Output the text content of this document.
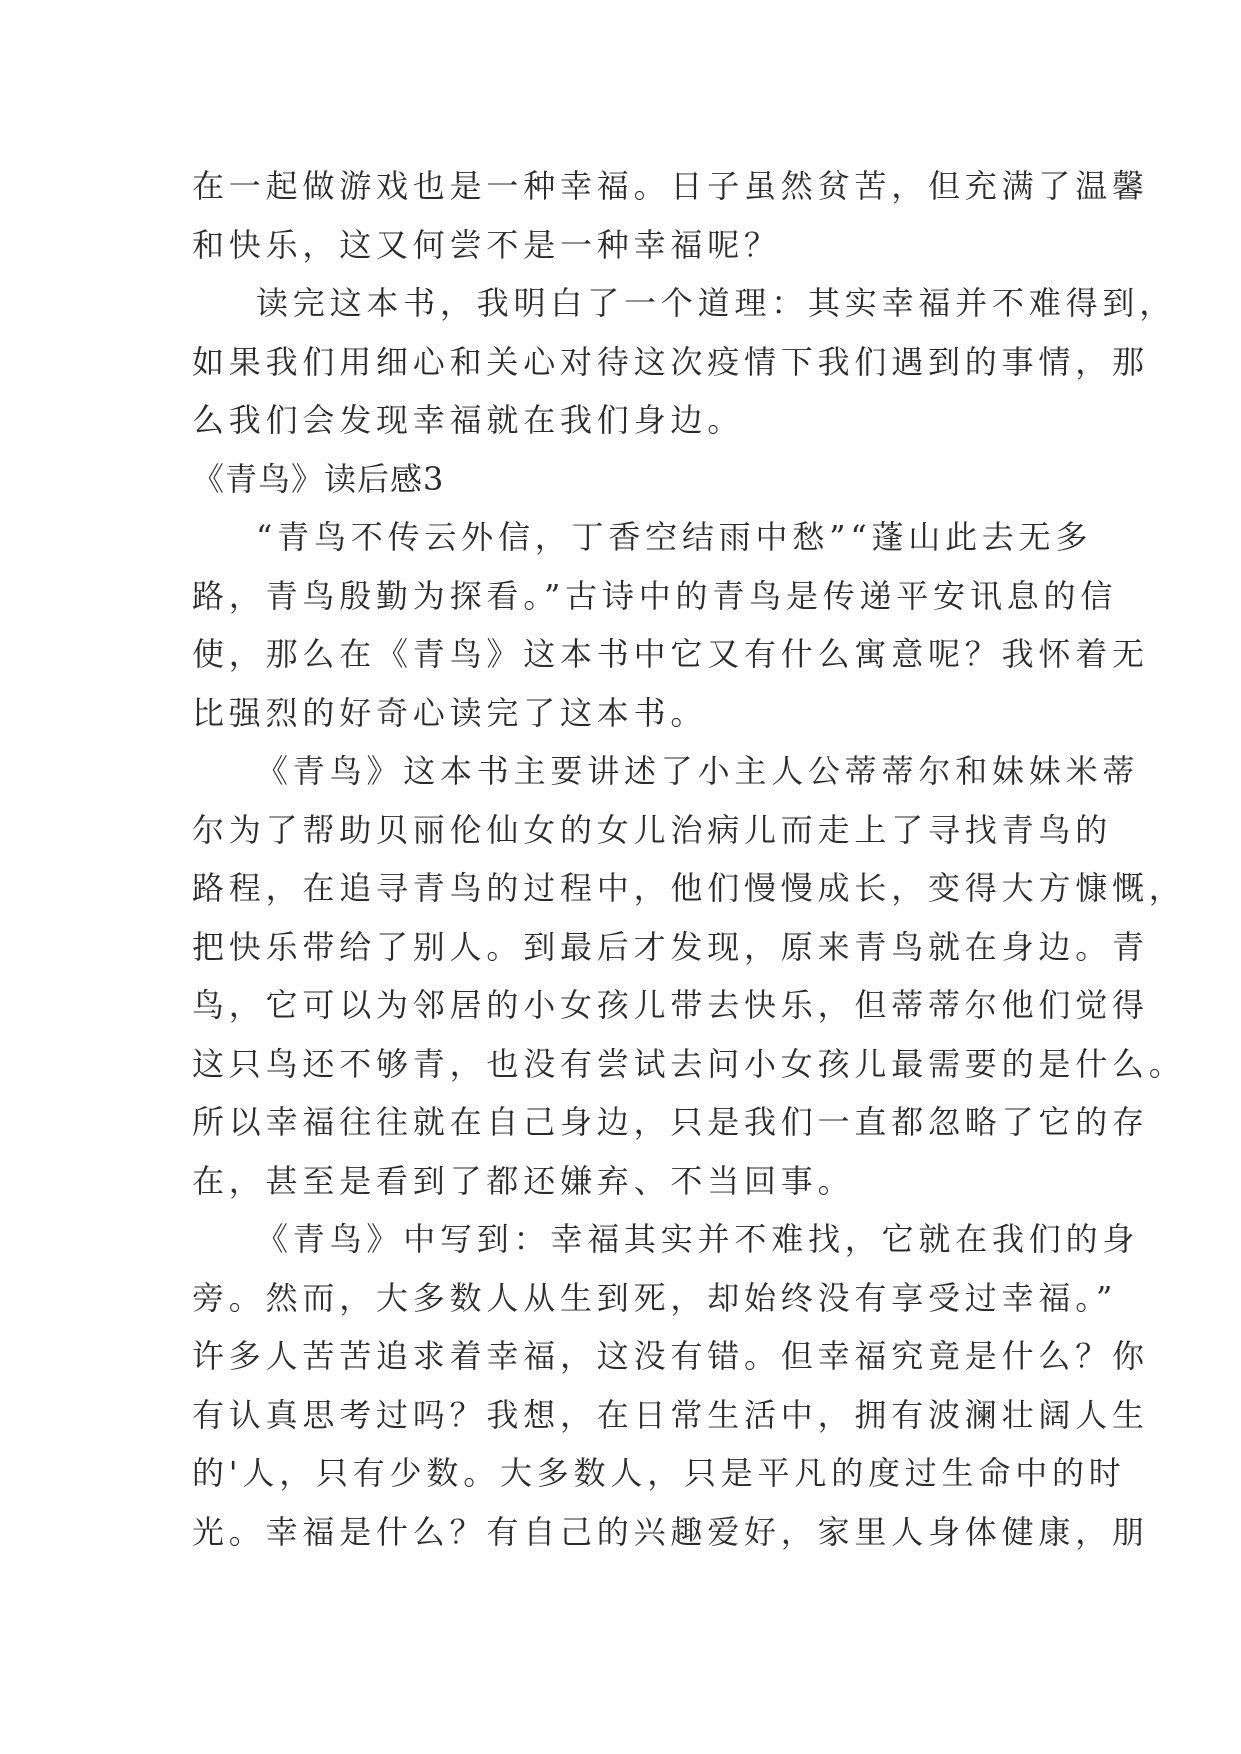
在一起做游戏也是一种幸福。日子虽然贫苦，但充满了温馨
和快乐，这又何尝不是一种幸福呢？
读完这本书，我明白了一个道理：其实幸福并不难得到，
如果我们用细心和关心对待这次疫情下我们遇到的事情，那
么我们会发现幸福就在我们身边。
《青鸟》读后感3
“青鸟不传云外信，丁香空结雨中愁”“蓬山此去无多
路，青鸟殷勤为探看。”古诗中的青鸟是传递平安讯息的信
使，那么在《青鸟》这本书中它又有什么寓意呢？我怀着无
比强烈的好奇心读完了这本书。
《青鸟》这本书主要讲述了小主人公蒂蒂尔和妹妹米蒂
尔为了帮助贝丽伦仙女的女儿治病儿而走上了寻找青鸟的
路程，在追寻青鸟的过程中，他们慢慢成长，变得大方慷慨，
把快乐带给了别人。到最后才发现，原来青鸟就在身边。青
鸟，它可以为邻居的小女孩儿带去快乐，但蒂蒂尔他们觉得
这只鸟还不够青，也没有尝试去问小女孩儿最需要的是什么。
所以幸福往往就在自己身边，只是我们一直都忽略了它的存
在，甚至是看到了都还嫌弃、不当回事。
《青鸟》中写到：幸福其实并不难找，它就在我们的身
旁。然而，大多数人从生到死，却始终没有享受过幸福。”
许多人苦苦追求着幸福，这没有错。但幸福究竟是什么？你
有认真思考过吗？我想，在日常生活中，拥有波澜壮阔人生
的'人，只有少数。大多数人，只是平凡的度过生命中的时
光。幸福是什么？有自己的兴趣爱好，家里人身体健康，朋
